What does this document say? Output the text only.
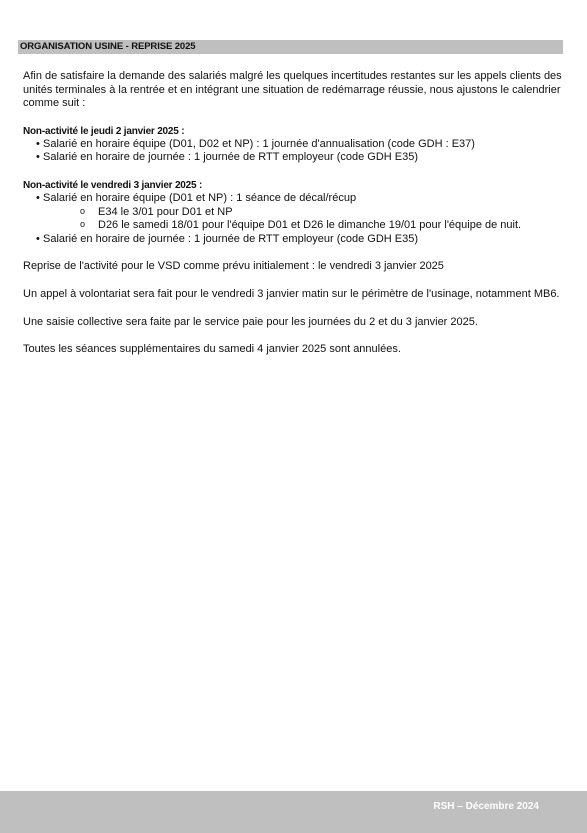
ORGANISATION USINE - REPRISE 2025

Afin de satisfaire la demande des salariés malgré les quelques incertitudes restantes sur les appels clients des unités terminales à la rentrée et en intégrant une situation de redémarrage réussie, nous ajustons le calendrier comme suit :

Non-activité le jeudi 2 janvier 2025 :

• Salarié en horaire équipe (D01, D02 et NP) : 1 journée d'annualisation (code GDH : E37)
• Salarié en horaire de journée : 1 journée de RTT employeur (code GDH E35)

Non-activité le vendredi 3 janvier 2025 :

• Salarié en horaire équipe (D01 et NP) : 1 séance de décal/récup
o E34 le 3/01 pour D01 et NP
o D26 le samedi 18/01 pour l'équipe D01 et D26 le dimanche 19/01 pour l'équipe de nuit.
• Salarié en horaire de journée : 1 journée de RTT employeur (code GDH E35)

Reprise de l'activité pour le VSD comme prévu initialement : le vendredi 3 janvier 2025

Un appel à volontariat sera fait pour le vendredi 3 janvier matin sur le périmètre de l'usinage, notamment MB6.

Une saisie collective sera faite par le service paie pour les journées du 2 et du 3 janvier 2025.

Toutes les séances supplémentaires du samedi 4 janvier 2025 sont annulées.

RSH – Décembre 2024
